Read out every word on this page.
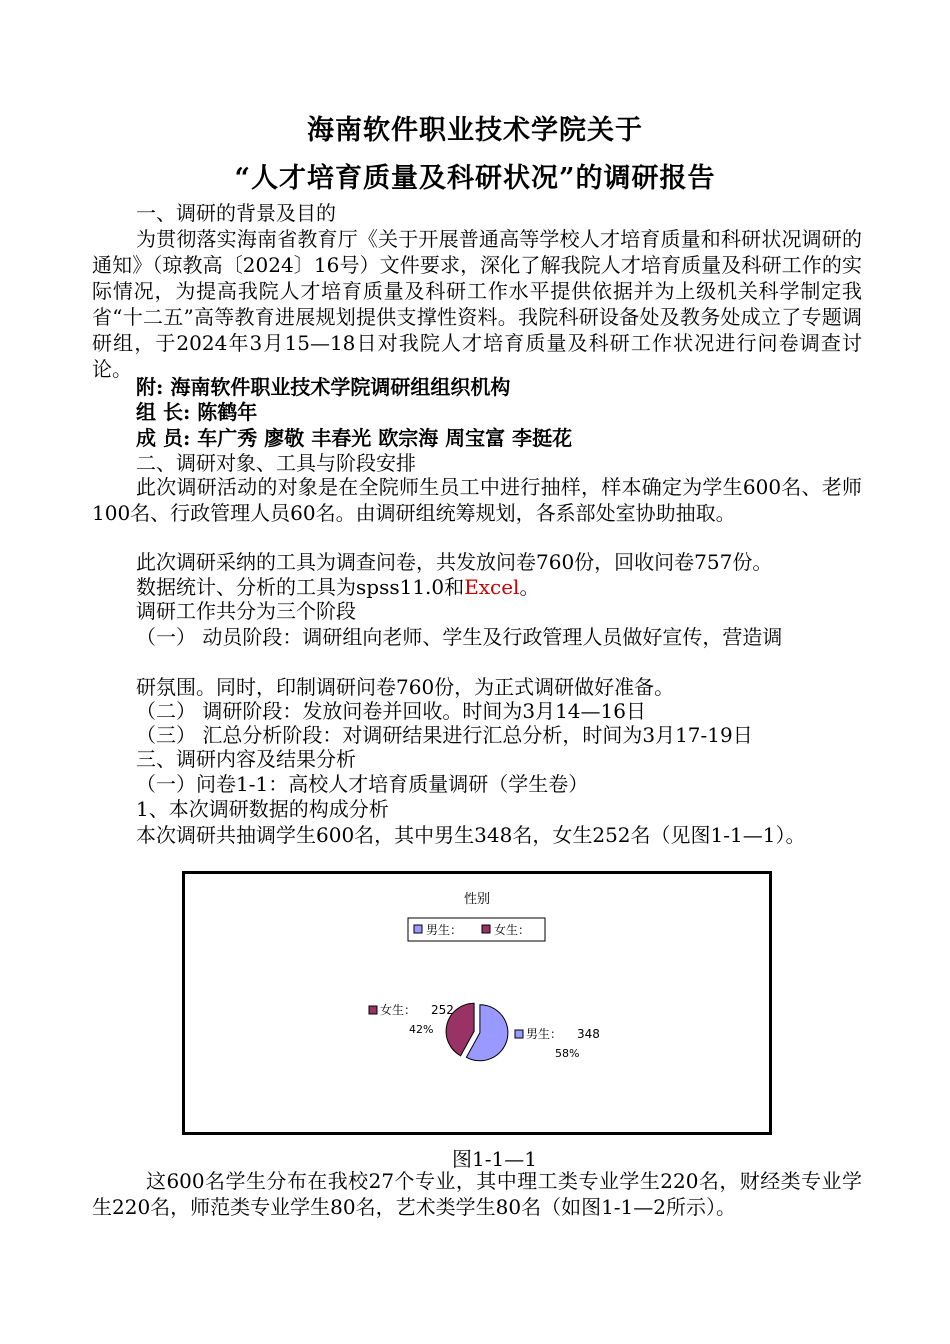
海南软件职业技术学院关于
“人才培育质量及科研状况”的调研报告
一、调研的背景及目的
为贯彻落实海南省教育厅《关于开展普通高等学校人才培育质量和科研状况调研的通知》（琼教高〔2024〕16号）文件要求，深化了解我院人才培育质量及科研工作的实际情况，为提高我院人才培育质量及科研工作水平提供依据并为上级机关科学制定我省“十二五”高等教育进展规划提供支撑性资料。我院科研设备处及教务处成立了专题调研组，于2024年3月15—18日对我院人才培育质量及科研工作状况进行问卷调查讨论。
附: 海南软件职业技术学院调研组组织机构
组 长: 陈鹤年
成 员: 车广秀 廖敬 丰春光 欧宗海 周宝富 李挺花
二、调研对象、工具与阶段安排
此次调研活动的对象是在全院师生员工中进行抽样，样本确定为学生600名、老师100名、行政管理人员60名。由调研组统筹规划，各系部处室协助抽取。
此次调研采纳的工具为调查问卷，共发放问卷760份，回收问卷757份。
数据统计、分析的工具为spss11.0和Excel。
调研工作共分为三个阶段
（一） 动员阶段：调研组向老师、学生及行政管理人员做好宣传，营造调
研氛围。同时，印制调研问卷760份，为正式调研做好准备。
（二） 调研阶段：发放问卷并回收。时间为3月14—16日
（三） 汇总分析阶段：对调研结果进行汇总分析，时间为3月17-19日
三、调研内容及结果分析
（一）问卷1-1：高校人才培育质量调研（学生卷）
1、本次调研数据的构成分析
本次调研共抽调学生600名，其中男生348名，女生252名（见图1-1—1）。
性别
男生：	女生：
男生： 348
58%
女生： 252
42%
图1-1—1
这600名学生分布在我校27个专业，其中理工类专业学生220名，财经类专业学生220名，师范类专业学生80名，艺术类学生80名（如图1-1—2所示）。
